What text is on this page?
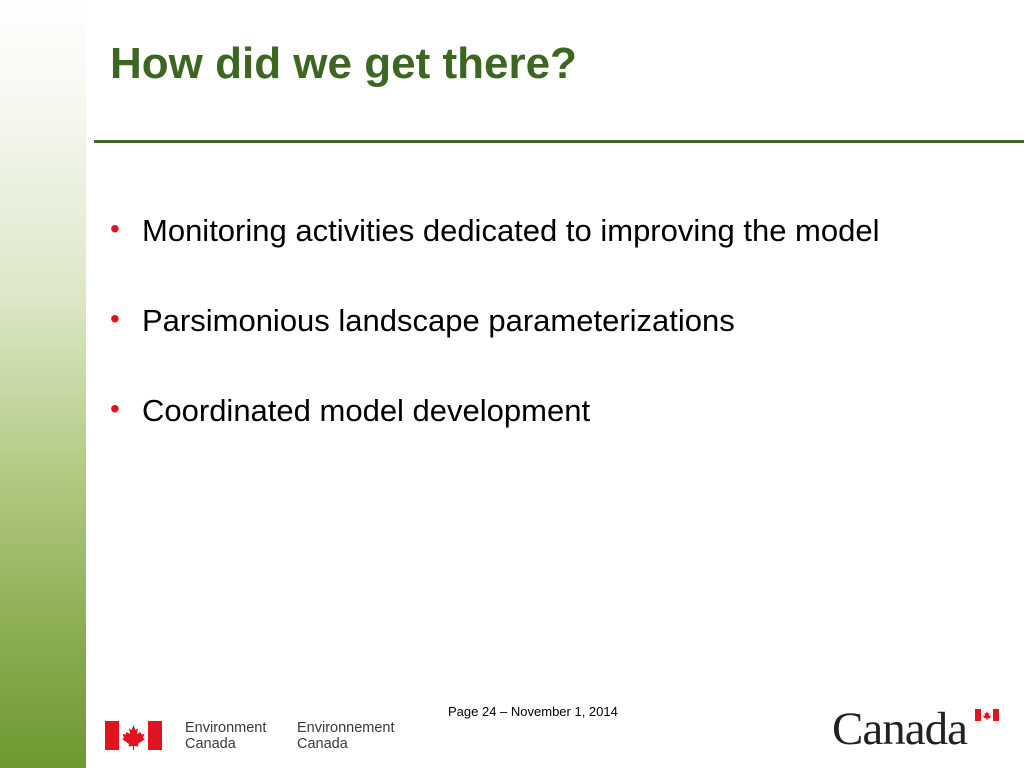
How did we get there?
• Monitoring activities dedicated to improving the model
• Parsimonious landscape parameterizations
• Coordinated model development
Page 24 – November 1, 2014
Environment
Canada
Environnement
Canada	Canada
